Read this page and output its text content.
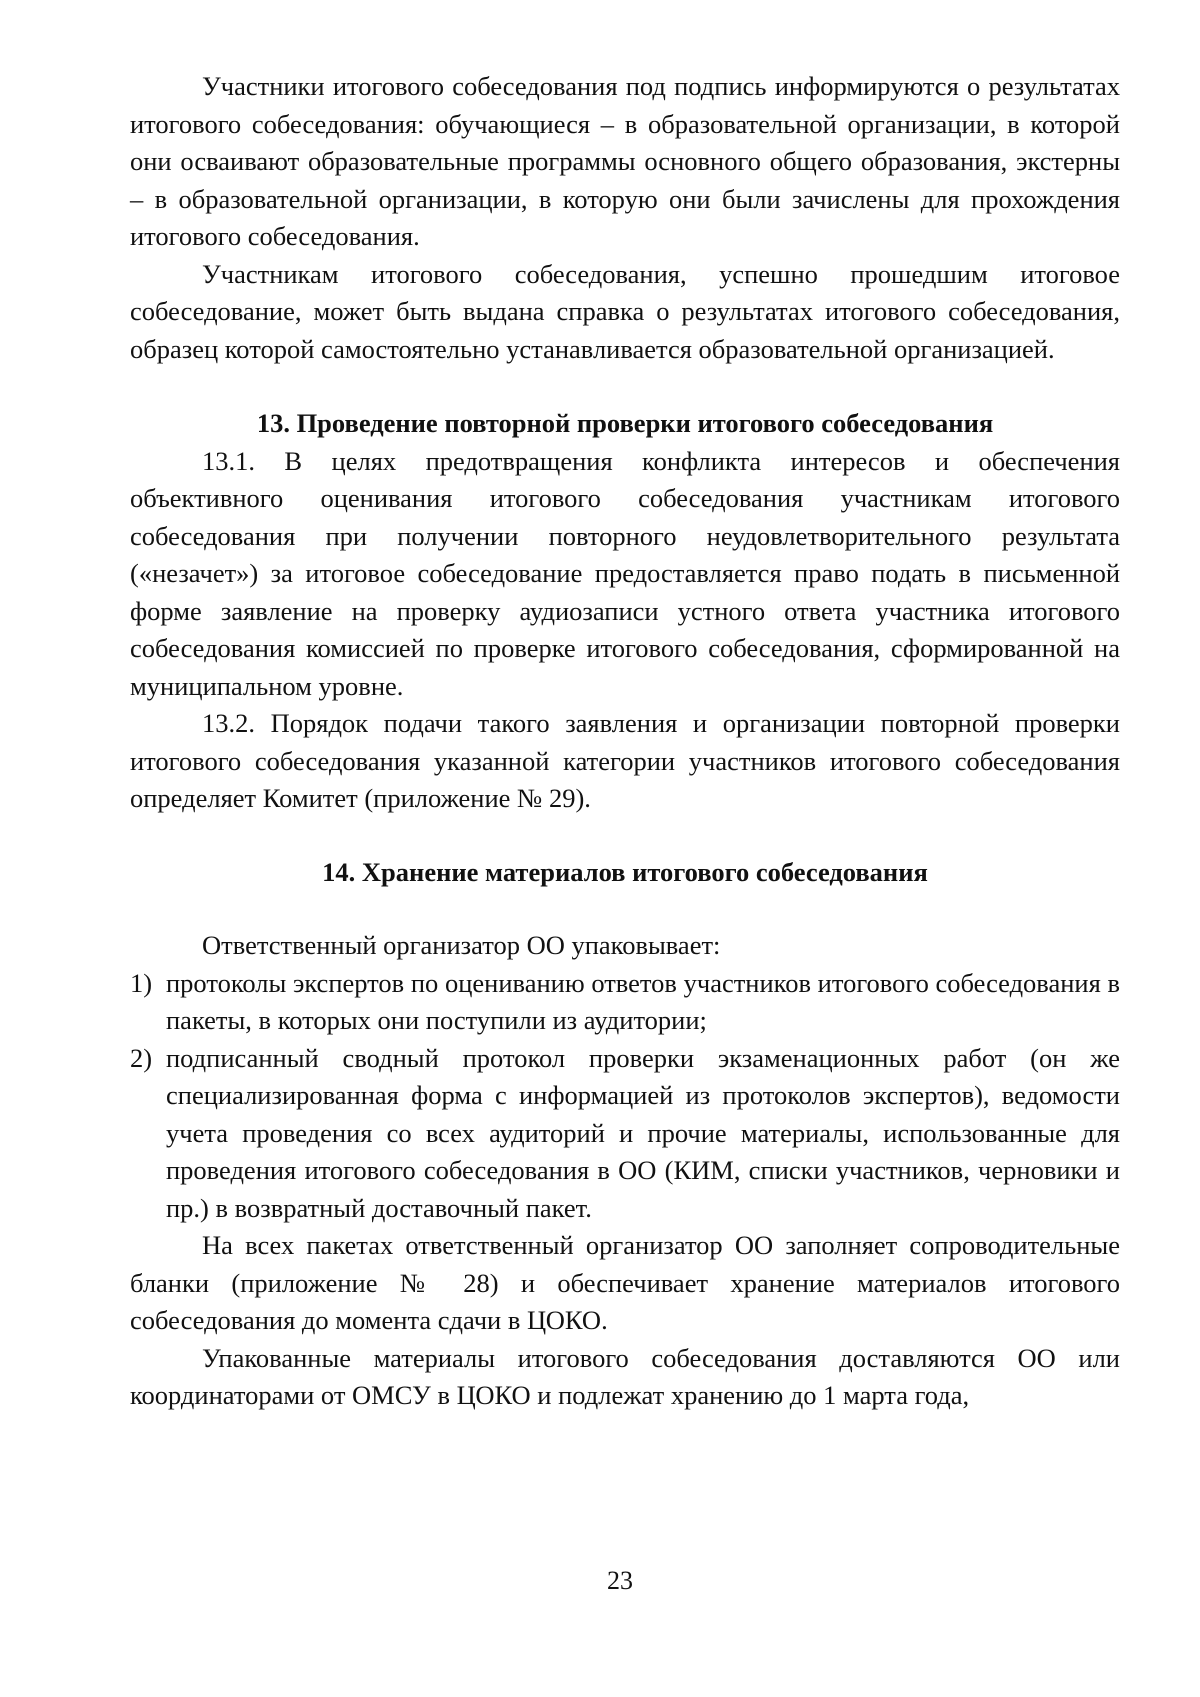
Участники итогового собеседования под подпись информируются о результатах итогового собеседования: обучающиеся – в образовательной организации, в которой они осваивают образовательные программы основного общего образования, экстерны – в образовательной организации, в которую они были зачислены для прохождения итогового собеседования.

Участникам итогового собеседования, успешно прошедшим итоговое собеседование, может быть выдана справка о результатах итогового собеседования, образец которой самостоятельно устанавливается образовательной организацией.

13. Проведение повторной проверки итогового собеседования

13.1. В целях предотвращения конфликта интересов и обеспечения объективного оценивания итогового собеседования участникам итогового собеседования при получении повторного неудовлетворительного результата («незачет») за итоговое собеседование предоставляется право подать в письменной форме заявление на проверку аудиозаписи устного ответа участника итогового собеседования комиссией по проверке итогового собеседования, сформированной на муниципальном уровне.

13.2. Порядок подачи такого заявления и организации повторной проверки итогового собеседования указанной категории участников итогового собеседования определяет Комитет (приложение № 29).

14. Хранение материалов итогового собеседования

Ответственный организатор ОО упаковывает:

1) протоколы экспертов по оцениванию ответов участников итогового собеседования в пакеты, в которых они поступили из аудитории;
2) подписанный сводный протокол проверки экзаменационных работ (он же специализированная форма с информацией из протоколов экспертов), ведомости учета проведения со всех аудиторий и прочие материалы, использованные для проведения итогового собеседования в ОО (КИМ, списки участников, черновики и пр.) в возвратный доставочный пакет.

На всех пакетах ответственный организатор ОО заполняет сопроводительные бланки (приложение № 28) и обеспечивает хранение материалов итогового собеседования до момента сдачи в ЦОКО.

Упакованные материалы итогового собеседования доставляются ОО или координаторами от ОМСУ в ЦОКО и подлежат хранению до 1 марта года,

23
